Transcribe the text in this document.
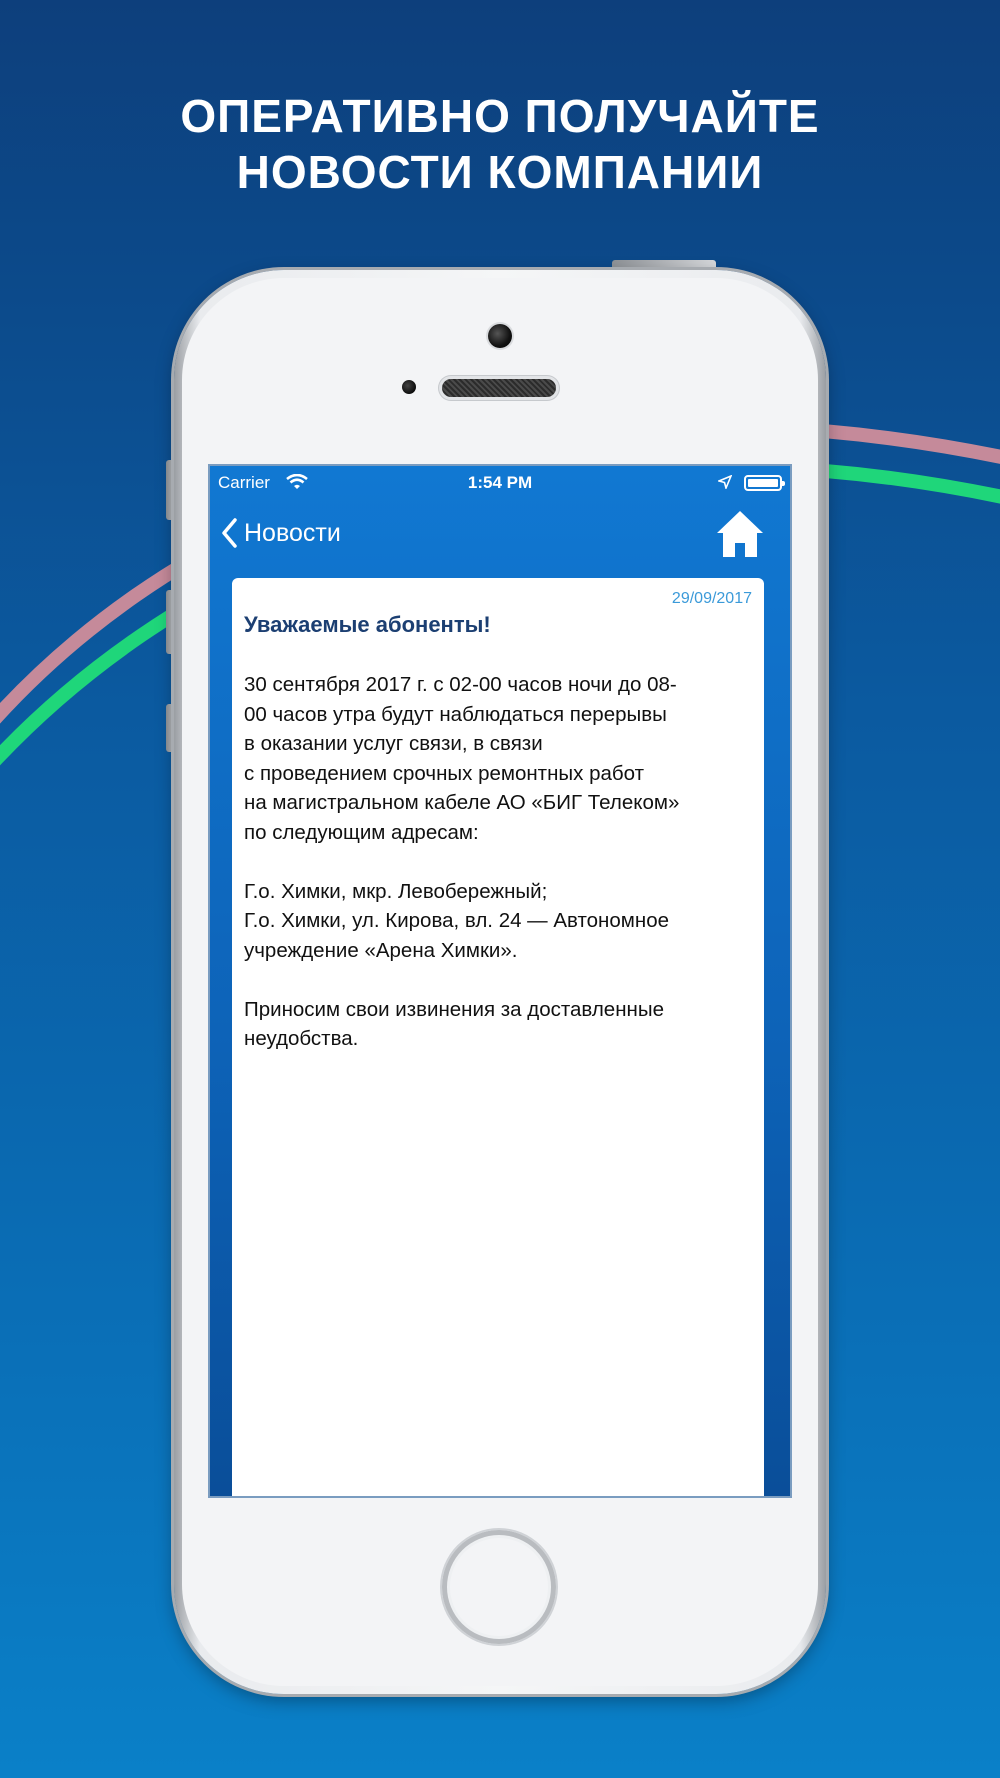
ОПЕРАТИВНО ПОЛУЧАЙТЕ
НОВОСТИ КОМПАНИИ
Carrier	1:54 PM
Новости
29/09/2017
Уважаемые абоненты!

30 сентября 2017 г. с 02-00 часов ночи до 08-
00 часов утра будут наблюдаться перерывы
в оказании услуг связи, в связи
с проведением срочных ремонтных работ
на магистральном кабеле АО «БИГ Телеком»
по следующим адресам:

Г.о. Химки, мкр. Левобережный;
Г.о. Химки, ул. Кирова, вл. 24 — Автономное
учреждение «Арена Химки».

Приносим свои извинения за доставленные
неудобства.
